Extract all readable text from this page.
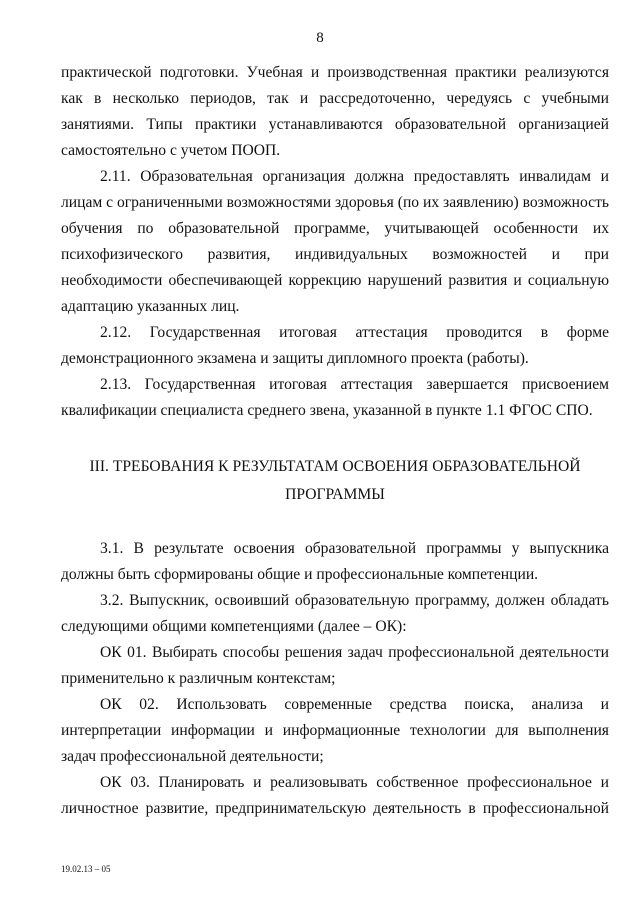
8

практической подготовки. Учебная и производственная практики реализуются как в несколько периодов, так и рассредоточенно, чередуясь с учебными занятиями. Типы практики устанавливаются образовательной организацией самостоятельно с учетом ПООП.

2.11. Образовательная организация должна предоставлять инвалидам и лицам с ограниченными возможностями здоровья (по их заявлению) возможность обучения по образовательной программе, учитывающей особенности их психофизического развития, индивидуальных возможностей и при необходимости обеспечивающей коррекцию нарушений развития и социальную адаптацию указанных лиц.

2.12. Государственная итоговая аттестация проводится в форме демонстрационного экзамена и защиты дипломного проекта (работы).

2.13. Государственная итоговая аттестация завершается присвоением квалификации специалиста среднего звена, указанной в пункте 1.1 ФГОС СПО.

III. ТРЕБОВАНИЯ К РЕЗУЛЬТАТАМ ОСВОЕНИЯ ОБРАЗОВАТЕЛЬНОЙ
ПРОГРАММЫ

3.1. В результате освоения образовательной программы у выпускника должны быть сформированы общие и профессиональные компетенции.

3.2. Выпускник, освоивший образовательную программу, должен обладать следующими общими компетенциями (далее – ОК):

ОК 01. Выбирать способы решения задач профессиональной деятельности применительно к различным контекстам;

ОК 02. Использовать современные средства поиска, анализа и интерпретации информации и информационные технологии для выполнения задач профессиональной деятельности;

ОК 03. Планировать и реализовывать собственное профессиональное и личностное развитие, предпринимательскую деятельность в профессиональной

19.02.13 – 05
